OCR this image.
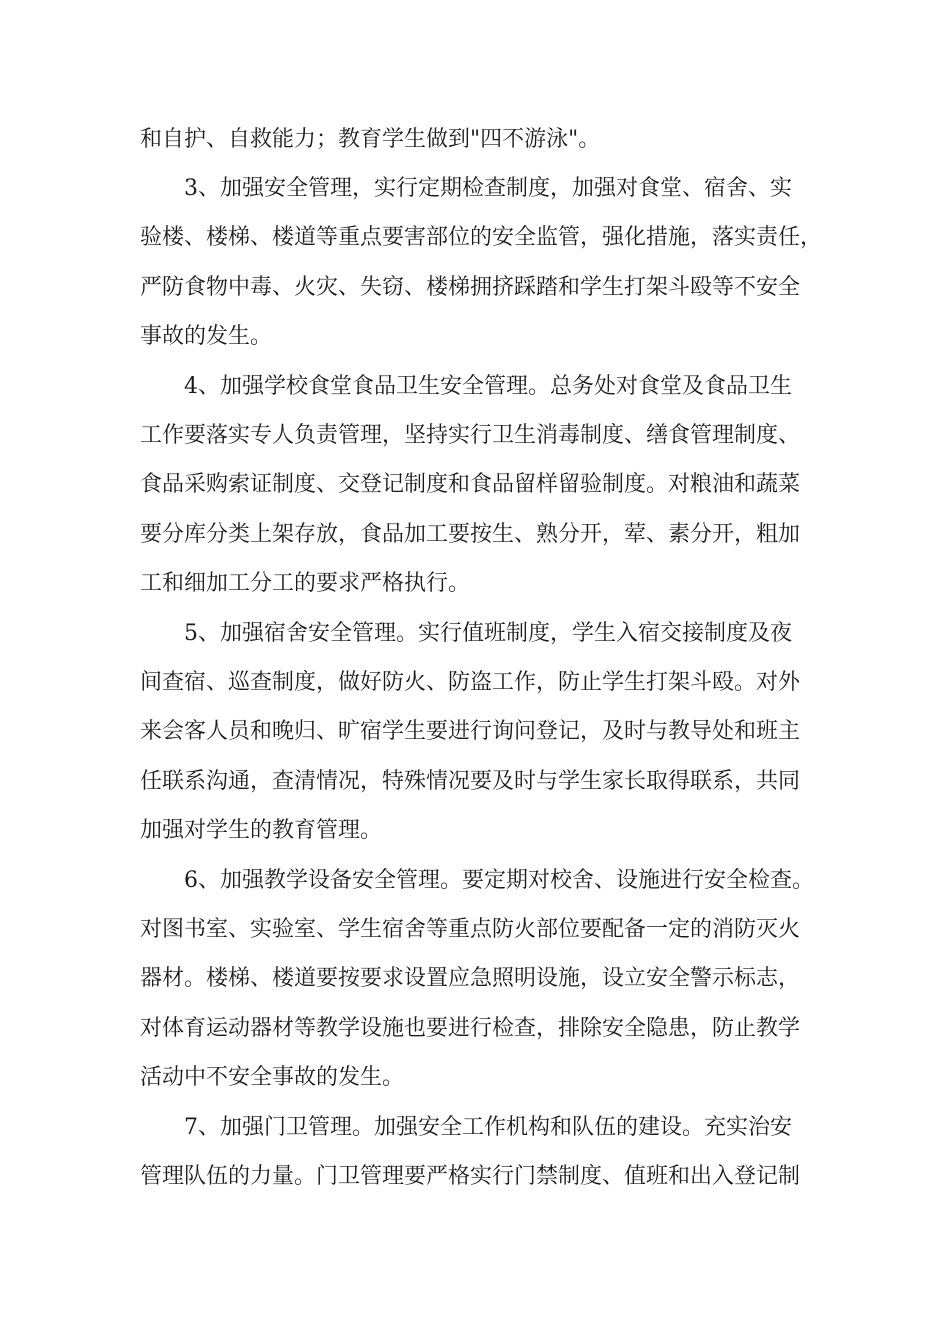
和自护、自救能力；教育学生做到"四不游泳"。
3、加强安全管理，实行定期检查制度，加强对食堂、宿舍、实
验楼、楼梯、楼道等重点要害部位的安全监管，强化措施，落实责任，
严防食物中毒、火灾、失窃、楼梯拥挤踩踏和学生打架斗殴等不安全
事故的发生。
4、加强学校食堂食品卫生安全管理。总务处对食堂及食品卫生
工作要落实专人负责管理，坚持实行卫生消毒制度、缮食管理制度、
食品采购索证制度、交登记制度和食品留样留验制度。对粮油和蔬菜
要分库分类上架存放，食品加工要按生、熟分开，荤、素分开，粗加
工和细加工分工的要求严格执行。
5、加强宿舍安全管理。实行值班制度，学生入宿交接制度及夜
间查宿、巡查制度，做好防火、防盗工作，防止学生打架斗殴。对外
来会客人员和晚归、旷宿学生要进行询问登记，及时与教导处和班主
任联系沟通，查清情况，特殊情况要及时与学生家长取得联系，共同
加强对学生的教育管理。
6、加强教学设备安全管理。要定期对校舍、设施进行安全检查。
对图书室、实验室、学生宿舍等重点防火部位要配备一定的消防灭火
器材。楼梯、楼道要按要求设置应急照明设施，设立安全警示标志，
对体育运动器材等教学设施也要进行检查，排除安全隐患，防止教学
活动中不安全事故的发生。
7、加强门卫管理。加强安全工作机构和队伍的建设。充实治安
管理队伍的力量。门卫管理要严格实行门禁制度、值班和出入登记制
